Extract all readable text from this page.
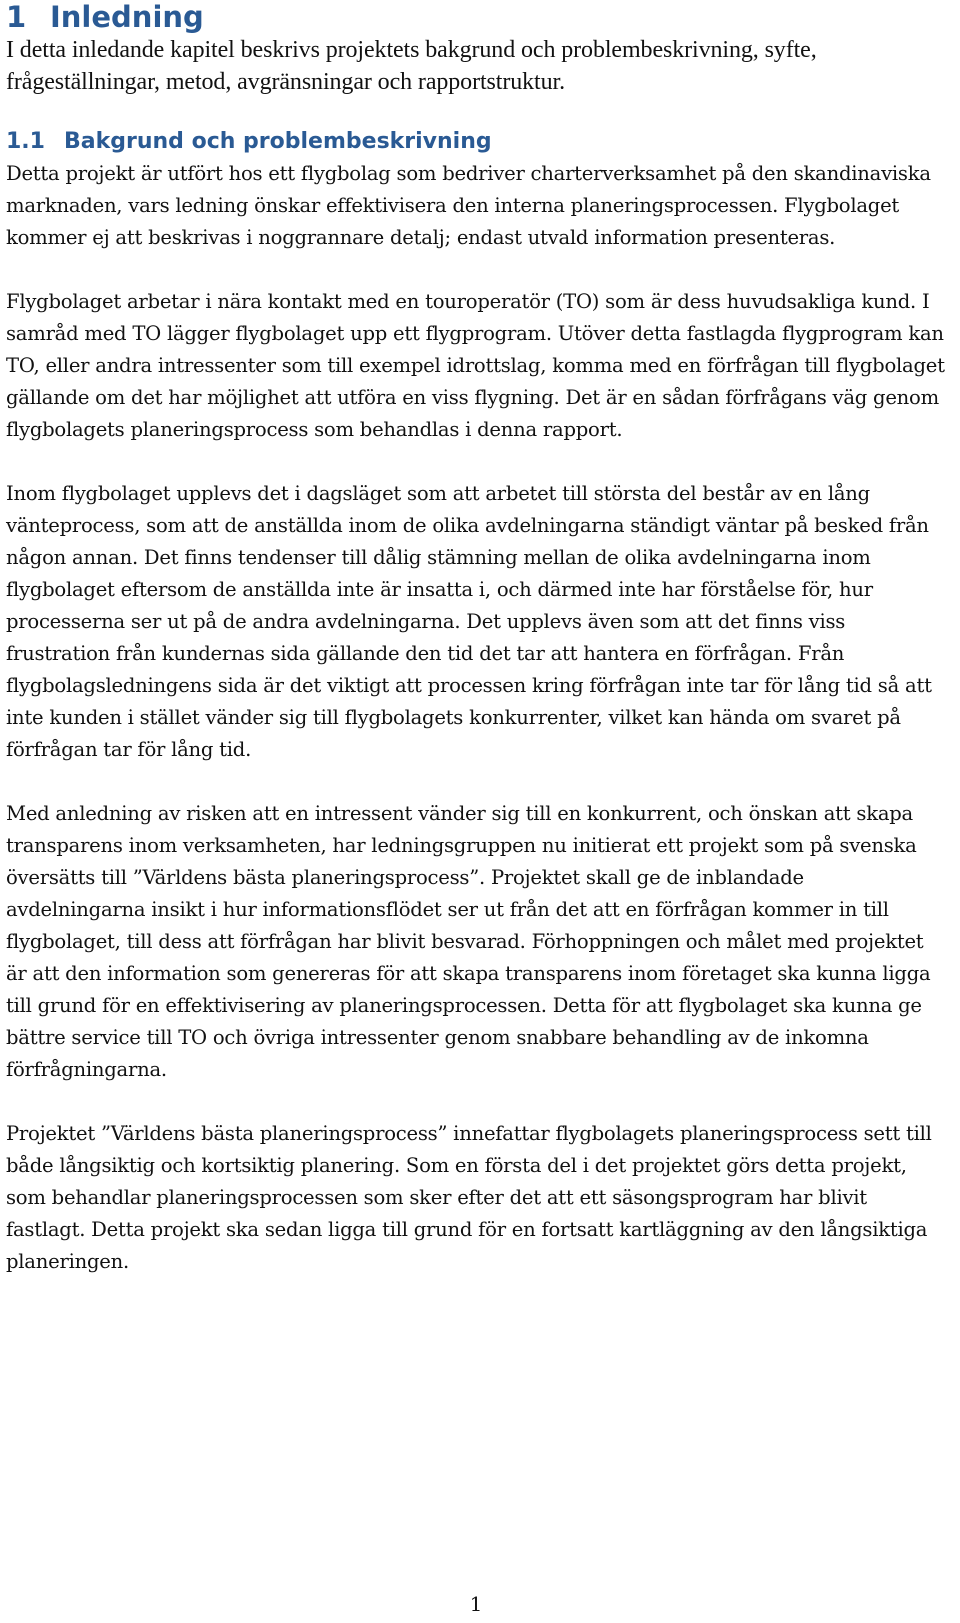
1 Inledning

I detta inledande kapitel beskrivs projektets bakgrund och problembeskrivning, syfte, frågeställningar, metod, avgränsningar och rapportstruktur.

1.1 Bakgrund och problembeskrivning

Detta projekt är utfört hos ett flygbolag som bedriver charterverksamhet på den skandinaviska marknaden, vars ledning önskar effektivisera den interna planeringsprocessen. Flygbolaget kommer ej att beskrivas i noggrannare detalj; endast utvald information presenteras.

Flygbolaget arbetar i nära kontakt med en touroperatör (TO) som är dess huvudsakliga kund. I samråd med TO lägger flygbolaget upp ett flygprogram. Utöver detta fastlagda flygprogram kan TO, eller andra intressenter som till exempel idrottslag, komma med en förfrågan till flygbolaget gällande om det har möjlighet att utföra en viss flygning. Det är en sådan förfrågans väg genom flygbolagets planeringsprocess som behandlas i denna rapport.

Inom flygbolaget upplevs det i dagsläget som att arbetet till största del består av en lång vänteprocess, som att de anställda inom de olika avdelningarna ständigt väntar på besked från någon annan. Det finns tendenser till dålig stämning mellan de olika avdelningarna inom flygbolaget eftersom de anställda inte är insatta i, och därmed inte har förståelse för, hur processerna ser ut på de andra avdelningarna. Det upplevs även som att det finns viss frustration från kundernas sida gällande den tid det tar att hantera en förfrågan. Från flygbolagsledningens sida är det viktigt att processen kring förfrågan inte tar för lång tid så att inte kunden i stället vänder sig till flygbolagets konkurrenter, vilket kan hända om svaret på förfrågan tar för lång tid.

Med anledning av risken att en intressent vänder sig till en konkurrent, och önskan att skapa transparens inom verksamheten, har ledningsgruppen nu initierat ett projekt som på svenska översätts till ”Världens bästa planeringsprocess”. Projektet skall ge de inblandade avdelningarna insikt i hur informationsflödet ser ut från det att en förfrågan kommer in till flygbolaget, till dess att förfrågan har blivit besvarad. Förhoppningen och målet med projektet är att den information som genereras för att skapa transparens inom företaget ska kunna ligga till grund för en effektivisering av planeringsprocessen. Detta för att flygbolaget ska kunna ge bättre service till TO och övriga intressenter genom snabbare behandling av de inkomna förfrågningarna.

Projektet ”Världens bästa planeringsprocess” innefattar flygbolagets planeringsprocess sett till både långsiktig och kortsiktig planering. Som en första del i det projektet görs detta projekt, som behandlar planeringsprocessen som sker efter det att ett säsongsprogram har blivit fastlagt. Detta projekt ska sedan ligga till grund för en fortsatt kartläggning av den långsiktiga planeringen.

1
